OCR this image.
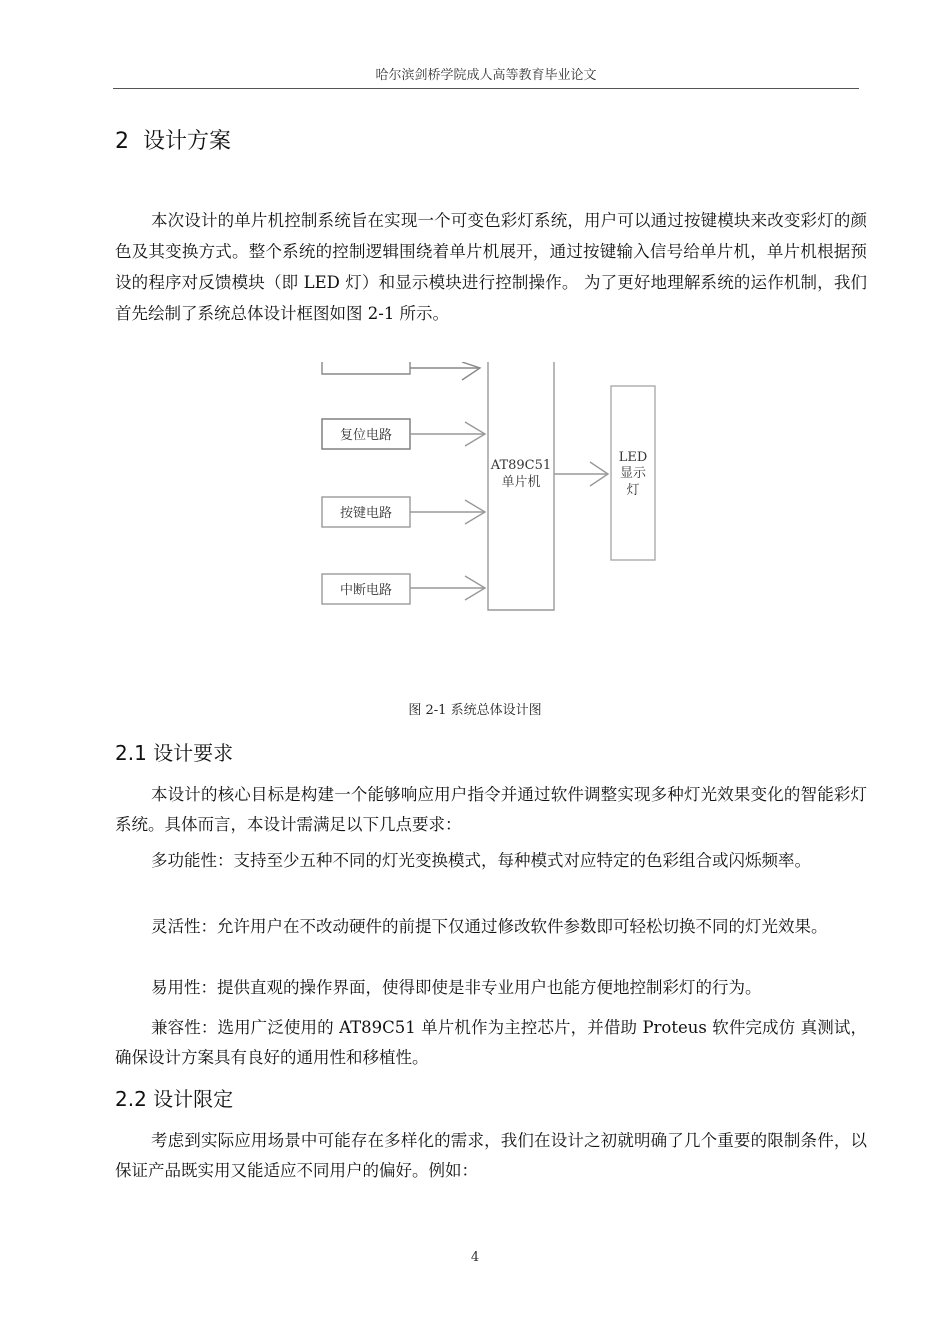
哈尔滨剑桥学院成人高等教育毕业论文
2 设计方案
本次设计的单片机控制系统旨在实现一个可变色彩灯系统，用户可以通过按键模块来改变彩灯的颜色及其变换方式。整个系统的控制逻辑围绕着单片机展开，通过按键输入信号给单片机，单片机根据预设的程序对反馈模块（即 LED 灯）和显示模块进行控制操作。 为了更好地理解系统的运作机制，我们首先绘制了系统总体设计框图如图 2-1 所示。
复位电路
按键电路
中断电路
AT89C51
单片机
LED
显示
灯
图 2-1 系统总体设计图
2.1 设计要求
本设计的核心目标是构建一个能够响应用户指令并通过软件调整实现多种灯光效果变化的智能彩灯系统。具体而言，本设计需满足以下几点要求：
多功能性：支持至少五种不同的灯光变换模式，每种模式对应特定的色彩组合或闪烁频率。
灵活性：允许用户在不改动硬件的前提下仅通过修改软件参数即可轻松切换不同的灯光效果。
易用性：提供直观的操作界面，使得即使是非专业用户也能方便地控制彩灯的行为。
兼容性：选用广泛使用的 AT89C51 单片机作为主控芯片，并借助 Proteus 软件完成仿 真测试，确保设计方案具有良好的通用性和移植性。
2.2 设计限定
考虑到实际应用场景中可能存在多样化的需求，我们在设计之初就明确了几个重要的限制条件，以保证产品既实用又能适应不同用户的偏好。例如：
4
